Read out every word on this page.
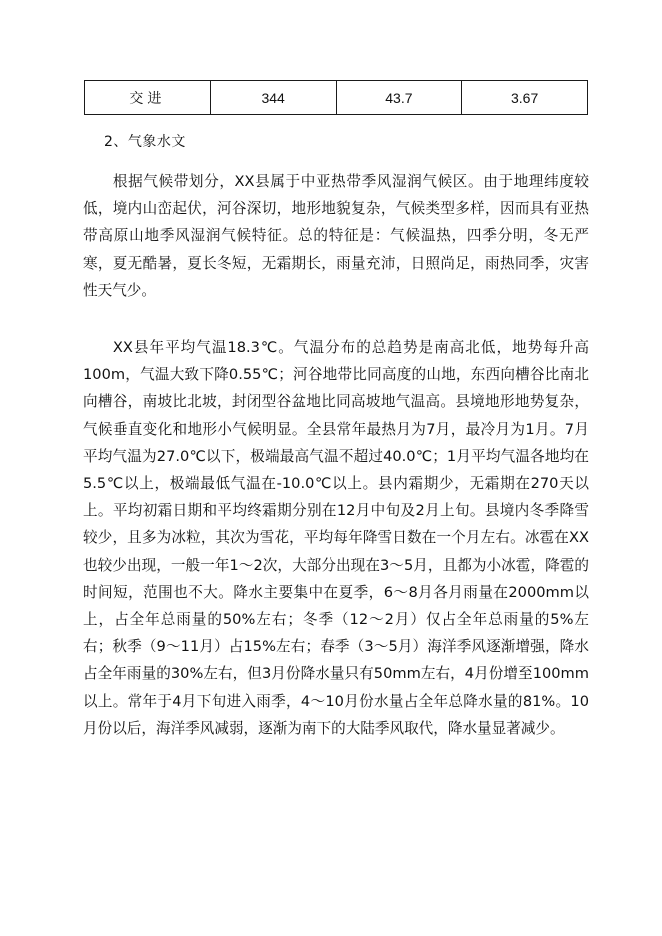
交进	344	43.7	3.67
2、气象水文

根据气候带划分，XX县属于中亚热带季风湿润气候区。由于地理纬度较低，境内山峦起伏，河谷深切，地形地貌复杂，气候类型多样，因而具有亚热带高原山地季风湿润气候特征。总的特征是：气候温热，四季分明，冬无严寒，夏无酷暑，夏长冬短，无霜期长，雨量充沛，日照尚足，雨热同季，灾害性天气少。

XX县年平均气温18.3℃。气温分布的总趋势是南高北低，地势每升高100m，气温大致下降0.55℃；河谷地带比同高度的山地，东西向槽谷比南北向槽谷，南坡比北坡，封闭型谷盆地比同高坡地气温高。县境地形地势复杂，气候垂直变化和地形小气候明显。全县常年最热月为7月，最冷月为1月。7月平均气温为27.0℃以下，极端最高气温不超过40.0℃；1月平均气温各地均在5.5℃以上，极端最低气温在-10.0℃以上。县内霜期少，无霜期在270天以上。平均初霜日期和平均终霜期分别在12月中旬及2月上旬。县境内冬季降雪较少，且多为冰粒，其次为雪花，平均每年降雪日数在一个月左右。冰雹在XX也较少出现，一般一年1～2次，大部分出现在3～5月，且都为小冰雹，降雹的时间短，范围也不大。降水主要集中在夏季，6～8月各月雨量在2000mm以上，占全年总雨量的50%左右；冬季（12～2月）仅占全年总雨量的5%左右；秋季（9～11月）占15%左右；春季（3～5月）海洋季风逐渐增强，降水占全年雨量的30%左右，但3月份降水量只有50mm左右，4月份增至100mm以上。常年于4月下旬进入雨季，4～10月份水量占全年总降水量的81%。10月份以后，海洋季风减弱，逐渐为南下的大陆季风取代，降水量显著减少。
